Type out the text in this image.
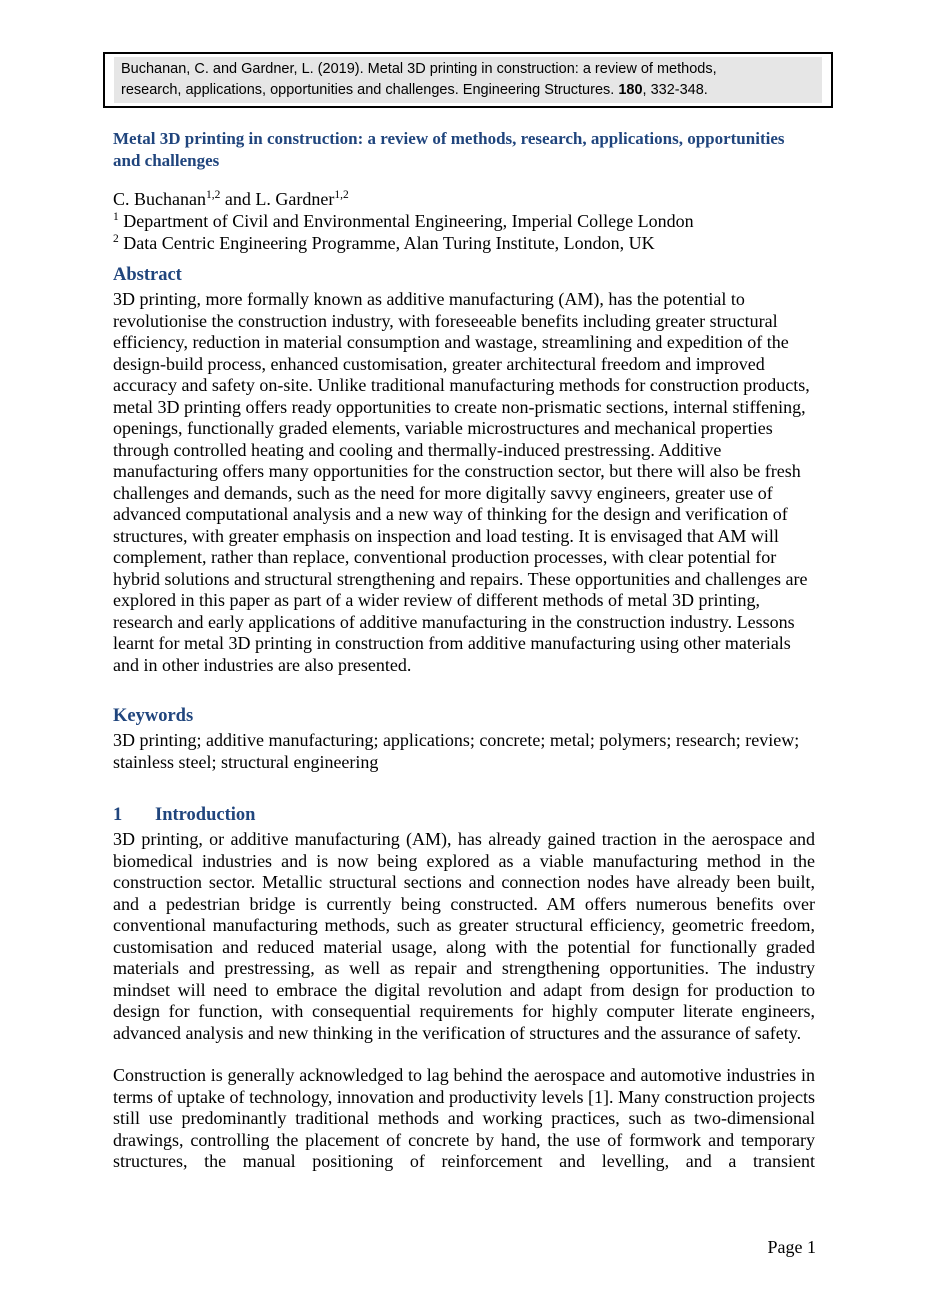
Buchanan, C. and Gardner, L. (2019). Metal 3D printing in construction: a review of methods,
research, applications, opportunities and challenges. Engineering Structures. 180, 332-348.
Metal 3D printing in construction: a review of methods, research, applications, opportunities and challenges
C. Buchanan$^{1,2}$ and L. Gardner$^{1,2}$
$^1$ Department of Civil and Environmental Engineering, Imperial College London
$^2$ Data Centric Engineering Programme, Alan Turing Institute, London, UK
Abstract

3D printing, more formally known as additive manufacturing (AM), has the potential to revolutionise the construction industry, with foreseeable benefits including greater structural efficiency, reduction in material consumption and wastage, streamlining and expedition of the design-build process, enhanced customisation, greater architectural freedom and improved accuracy and safety on-site. Unlike traditional manufacturing methods for construction products, metal 3D printing offers ready opportunities to create non-prismatic sections, internal stiffening, openings, functionally graded elements, variable microstructures and mechanical properties through controlled heating and cooling and thermally-induced prestressing. Additive manufacturing offers many opportunities for the construction sector, but there will also be fresh challenges and demands, such as the need for more digitally savvy engineers, greater use of advanced computational analysis and a new way of thinking for the design and verification of structures, with greater emphasis on inspection and load testing. It is envisaged that AM will complement, rather than replace, conventional production processes, with clear potential for hybrid solutions and structural strengthening and repairs. These opportunities and challenges are explored in this paper as part of a wider review of different methods of metal 3D printing, research and early applications of additive manufacturing in the construction industry. Lessons learnt for metal 3D printing in construction from additive manufacturing using other materials and in other industries are also presented.

Keywords

3D printing; additive manufacturing; applications; concrete; metal; polymers; research; review; stainless steel; structural engineering

1 Introduction

3D printing, or additive manufacturing (AM), has already gained traction in the aerospace and biomedical industries and is now being explored as a viable manufacturing method in the construction sector. Metallic structural sections and connection nodes have already been built, and a pedestrian bridge is currently being constructed. AM offers numerous benefits over conventional manufacturing methods, such as greater structural efficiency, geometric freedom, customisation and reduced material usage, along with the potential for functionally graded materials and prestressing, as well as repair and strengthening opportunities. The industry mindset will need to embrace the digital revolution and adapt from design for production to design for function, with consequential requirements for highly computer literate engineers, advanced analysis and new thinking in the verification of structures and the assurance of safety.

Construction is generally acknowledged to lag behind the aerospace and automotive industries in terms of uptake of technology, innovation and productivity levels [1]. Many construction projects still use predominantly traditional methods and working practices, such as two-dimensional drawings, controlling the placement of concrete by hand, the use of formwork and temporary structures, the manual positioning of reinforcement and levelling, and a transient

Page 1
